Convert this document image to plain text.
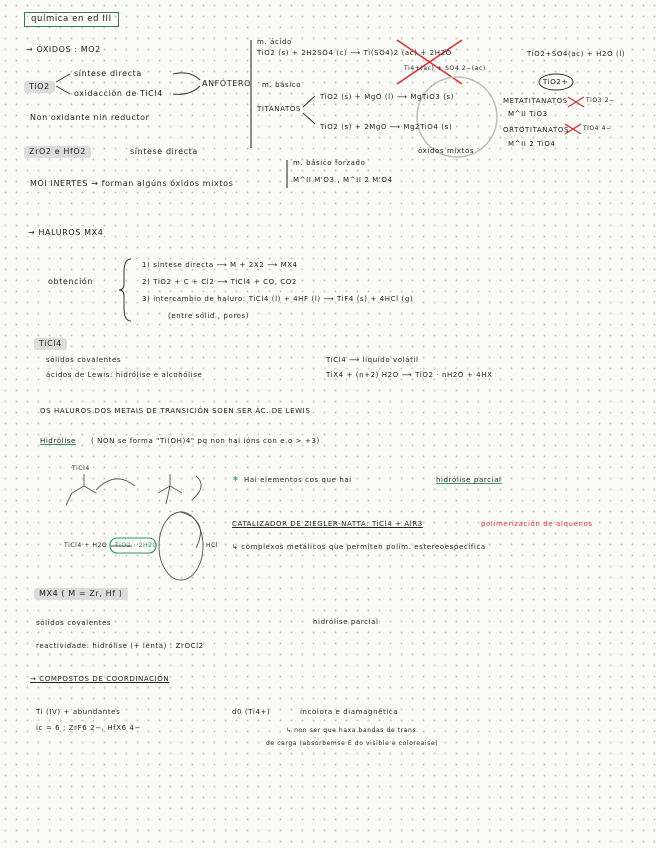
química en ed III
→ ÓXIDOS : MO2
TiO2
síntese directa
oxidacción de TiCl4
ANFÓTERO
Non oxidante nin reductor
m. ácido
TiO2 (s) + 2H2SO4 (c) ⟶ Ti(SO4)2 (ac) + 2H2O
Ti4+(ac) + SO4 2−(ac)
TiO2+SO4(ac) + H2O (l)
TiO2+
m. básico
TITANATOS
TiO2 (s) + MgO (l) ⟶ MgTiO3 (s)
TiO2 (s) + 2MgO ⟶ Mg2TiO4 (s)
METATITANATOS
M^II TiO3
ORTOTITANATOS
M^II 2 TiO4
TiO3 2−
TiO4 4−
óxidos mixtos
ZrO2 e HfO2	síntese directa
MOI INERTES → forman algúns óxidos mixtos
m. básico forzado
M^II M'O3 , M^II 2 M'O4
→ HALUROS MX4
obtención
1) síntese directa ⟶ M + 2X2 ⟶ MX4
2) TiO2 + C + Cl2 ⟶ TiCl4 + CO, CO2
3) intercambio de haluro: TiCl4 (l) + 4HF (l) ⟶ TiF4 (s) + 4HCl (g)
(entre sólid., poros)
TiCl4
sólidos covalentes
ácidos de Lewis: hidrólise e alcohólise
TiCl4 ⟶ líquido volátil
TiX4 + (n+2) H2O ⟶ TiO2 · nH2O + 4HX
OS HALUROS DOS METAIS DE TRANSICIÓN SOEN SER ÁC. DE LEWIS
Hidrólise ( NON se forma "Ti(OH)4" pq non hai ións con e.o > +3)
∗ Hai elementos cos que hai	hidrólise parcial
CATALIZADOR DE ZIEGLER-NATTA: TiCl4 + AlR3	polimerización de alquenos
↳ complexos metálicos que permiten polim. estereoespecífica
TiCl4
TiCl4 + H2O TiO2 · 2H2O	HCl
MX4 ( M = Zr, Hf )
sólidos covalentes
reactividade: hidrólise (+ lenta) : ZrOCl2
hidrólise parcial
→ COMPOSTOS DE COORDINACIÓN
Ti (IV) + abundantes
ic = 6 ; ZrF6 2−, HfX6 4−
d0 (Ti4+)	incolora e diamagnética
↳ non ser que haxa bandas de trans.
de carga (absorbemse E do visible e coloreaise)
